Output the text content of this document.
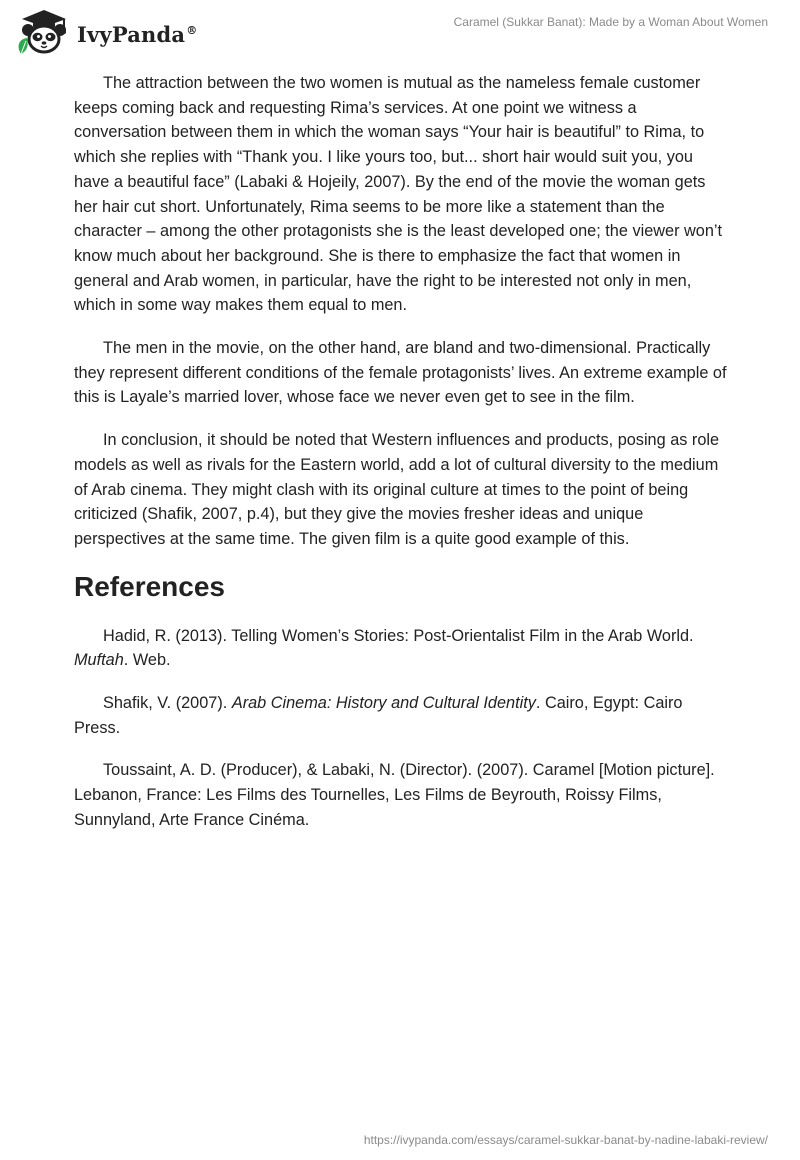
IvyPanda®
Caramel (Sukkar Banat): Made by a Woman About Women

The attraction between the two women is mutual as the nameless female customer keeps coming back and requesting Rima’s services. At one point we witness a conversation between them in which the woman says “Your hair is beautiful” to Rima, to which she replies with “Thank you. I like yours too, but... short hair would suit you, you have a beautiful face” (Labaki & Hojeily, 2007). By the end of the movie the woman gets her hair cut short. Unfortunately, Rima seems to be more like a statement than the character – among the other protagonists she is the least developed one; the viewer won’t know much about her background. She is there to emphasize the fact that women in general and Arab women, in particular, have the right to be interested not only in men, which in some way makes them equal to men.

The men in the movie, on the other hand, are bland and two-dimensional. Practically they represent different conditions of the female protagonists’ lives. An extreme example of this is Layale’s married lover, whose face we never even get to see in the film.

In conclusion, it should be noted that Western influences and products, posing as role models as well as rivals for the Eastern world, add a lot of cultural diversity to the medium of Arab cinema. They might clash with its original culture at times to the point of being criticized (Shafik, 2007, p.4), but they give the movies fresher ideas and unique perspectives at the same time. The given film is a quite good example of this.

References

Hadid, R. (2013). Telling Women’s Stories: Post-Orientalist Film in the Arab World. Muftah. Web.

Shafik, V. (2007). Arab Cinema: History and Cultural Identity. Cairo, Egypt: Cairo Press.

Toussaint, A. D. (Producer), & Labaki, N. (Director). (2007). Caramel [Motion picture]. Lebanon, France: Les Films des Tournelles, Les Films de Beyrouth, Roissy Films, Sunnyland, Arte France Cinéma.

https://ivypanda.com/essays/caramel-sukkar-banat-by-nadine-labaki-review/
